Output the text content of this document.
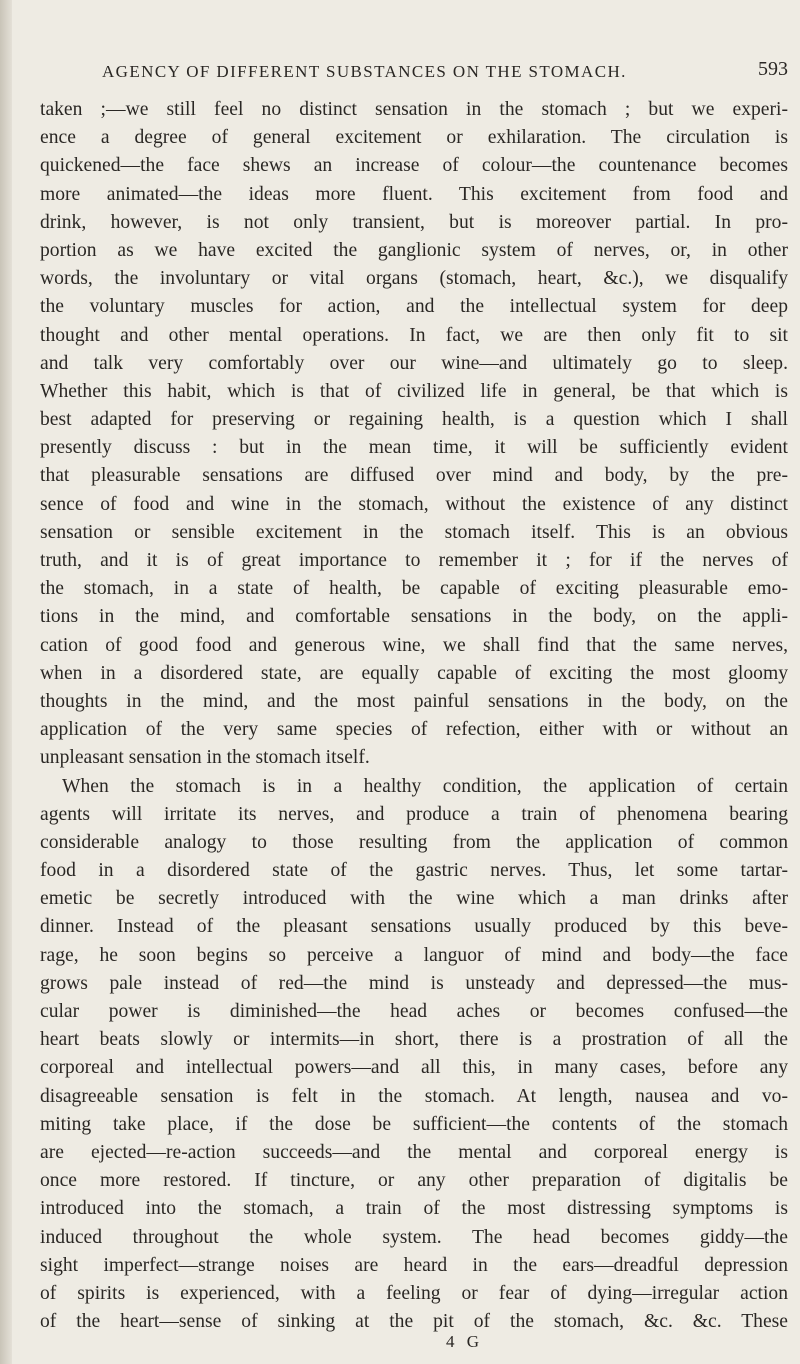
AGENCY OF DIFFERENT SUBSTANCES ON THE STOMACH.	593
taken ;—we still feel no distinct sensation in the stomach ; but we experi-
ence a degree of general excitement or exhilaration. The circulation is
quickened—the face shews an increase of colour—the countenance becomes
more animated—the ideas more fluent. This excitement from food and
drink, however, is not only transient, but is moreover partial. In pro-
portion as we have excited the ganglionic system of nerves, or, in other
words, the involuntary or vital organs (stomach, heart, &c.), we disqualify
the voluntary muscles for action, and the intellectual system for deep
thought and other mental operations. In fact, we are then only fit to sit
and talk very comfortably over our wine—and ultimately go to sleep.
Whether this habit, which is that of civilized life in general, be that which is
best adapted for preserving or regaining health, is a question which I shall
presently discuss : but in the mean time, it will be sufficiently evident
that pleasurable sensations are diffused over mind and body, by the pre-
sence of food and wine in the stomach, without the existence of any distinct
sensation or sensible excitement in the stomach itself. This is an obvious
truth, and it is of great importance to remember it ; for if the nerves of
the stomach, in a state of health, be capable of exciting pleasurable emo-
tions in the mind, and comfortable sensations in the body, on the appli-
cation of good food and generous wine, we shall find that the same nerves,
when in a disordered state, are equally capable of exciting the most gloomy
thoughts in the mind, and the most painful sensations in the body, on the
application of the very same species of refection, either with or without an
unpleasant sensation in the stomach itself.
When the stomach is in a healthy condition, the application of certain
agents will irritate its nerves, and produce a train of phenomena bearing
considerable analogy to those resulting from the application of common
food in a disordered state of the gastric nerves. Thus, let some tartar-
emetic be secretly introduced with the wine which a man drinks after
dinner. Instead of the pleasant sensations usually produced by this beve-
rage, he soon begins so perceive a languor of mind and body—the face
grows pale instead of red—the mind is unsteady and depressed—the mus-
cular power is diminished—the head aches or becomes confused—the
heart beats slowly or intermits—in short, there is a prostration of all the
corporeal and intellectual powers—and all this, in many cases, before any
disagreeable sensation is felt in the stomach. At length, nausea and vo-
miting take place, if the dose be sufficient—the contents of the stomach
are ejected—re-action succeeds—and the mental and corporeal energy is
once more restored. If tincture, or any other preparation of digitalis be
introduced into the stomach, a train of the most distressing symptoms is
induced throughout the whole system. The head becomes giddy—the
sight imperfect—strange noises are heard in the ears—dreadful depression
of spirits is experienced, with a feeling or fear of dying—irregular action
of the heart—sense of sinking at the pit of the stomach, &c. &c. These
4 G
